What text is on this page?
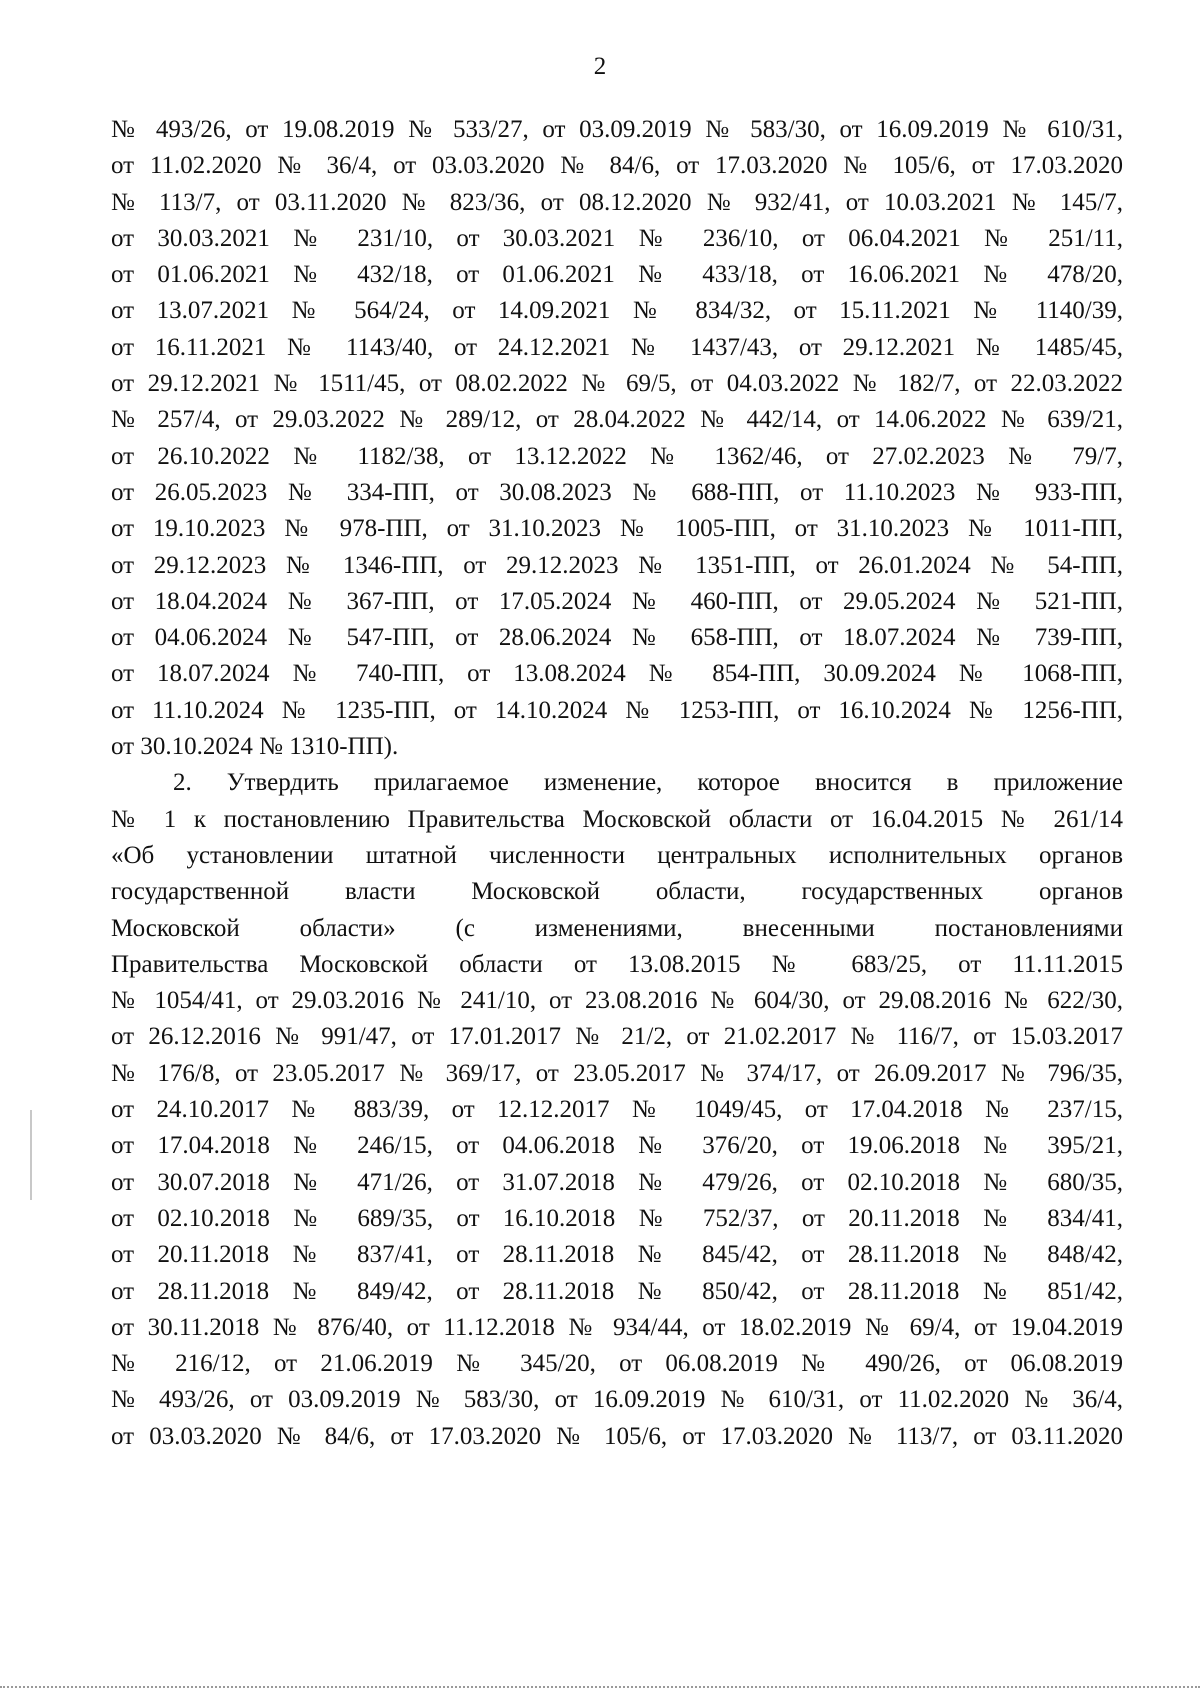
2
№ 493/26, от 19.08.2019 № 533/27, от 03.09.2019 № 583/30, от 16.09.2019 № 610/31,
от 11.02.2020 № 36/4, от 03.03.2020 № 84/6, от 17.03.2020 № 105/6, от 17.03.2020
№ 113/7, от 03.11.2020 № 823/36, от 08.12.2020 № 932/41, от 10.03.2021 № 145/7,
от 30.03.2021 № 231/10, от 30.03.2021 № 236/10, от 06.04.2021 № 251/11,
от 01.06.2021 № 432/18, от 01.06.2021 № 433/18, от 16.06.2021 № 478/20,
от 13.07.2021 № 564/24, от 14.09.2021 № 834/32, от 15.11.2021 № 1140/39,
от 16.11.2021 № 1143/40, от 24.12.2021 № 1437/43, от 29.12.2021 № 1485/45,
от 29.12.2021 № 1511/45, от 08.02.2022 № 69/5, от 04.03.2022 № 182/7, от 22.03.2022
№ 257/4, от 29.03.2022 № 289/12, от 28.04.2022 № 442/14, от 14.06.2022 № 639/21,
от 26.10.2022 № 1182/38, от 13.12.2022 № 1362/46, от 27.02.2023 № 79/7,
от 26.05.2023 № 334-ПП, от 30.08.2023 № 688-ПП, от 11.10.2023 № 933-ПП,
от 19.10.2023 № 978-ПП, от 31.10.2023 № 1005-ПП, от 31.10.2023 № 1011-ПП,
от 29.12.2023 № 1346-ПП, от 29.12.2023 № 1351-ПП, от 26.01.2024 № 54-ПП,
от 18.04.2024 № 367-ПП, от 17.05.2024 № 460-ПП, от 29.05.2024 № 521-ПП,
от 04.06.2024 № 547-ПП, от 28.06.2024 № 658-ПП, от 18.07.2024 № 739-ПП,
от 18.07.2024 № 740-ПП, от 13.08.2024 № 854-ПП, 30.09.2024 № 1068-ПП,
от 11.10.2024 № 1235-ПП, от 14.10.2024 № 1253-ПП, от 16.10.2024 № 1256-ПП,
от 30.10.2024 № 1310-ПП).
2. Утвердить прилагаемое изменение, которое вносится в приложение
№ 1 к постановлению Правительства Московской области от 16.04.2015 № 261/14
«Об установлении штатной численности центральных исполнительных органов
государственной власти Московской области, государственных органов
Московской области» (с изменениями, внесенными постановлениями
Правительства Московской области от 13.08.2015 № 683/25, от 11.11.2015
№ 1054/41, от 29.03.2016 № 241/10, от 23.08.2016 № 604/30, от 29.08.2016 № 622/30,
от 26.12.2016 № 991/47, от 17.01.2017 № 21/2, от 21.02.2017 № 116/7, от 15.03.2017
№ 176/8, от 23.05.2017 № 369/17, от 23.05.2017 № 374/17, от 26.09.2017 № 796/35,
от 24.10.2017 № 883/39, от 12.12.2017 № 1049/45, от 17.04.2018 № 237/15,
от 17.04.2018 № 246/15, от 04.06.2018 № 376/20, от 19.06.2018 № 395/21,
от 30.07.2018 № 471/26, от 31.07.2018 № 479/26, от 02.10.2018 № 680/35,
от 02.10.2018 № 689/35, от 16.10.2018 № 752/37, от 20.11.2018 № 834/41,
от 20.11.2018 № 837/41, от 28.11.2018 № 845/42, от 28.11.2018 № 848/42,
от 28.11.2018 № 849/42, от 28.11.2018 № 850/42, от 28.11.2018 № 851/42,
от 30.11.2018 № 876/40, от 11.12.2018 № 934/44, от 18.02.2019 № 69/4, от 19.04.2019
№ 216/12, от 21.06.2019 № 345/20, от 06.08.2019 № 490/26, от 06.08.2019
№ 493/26, от 03.09.2019 № 583/30, от 16.09.2019 № 610/31, от 11.02.2020 № 36/4,
от 03.03.2020 № 84/6, от 17.03.2020 № 105/6, от 17.03.2020 № 113/7, от 03.11.2020
